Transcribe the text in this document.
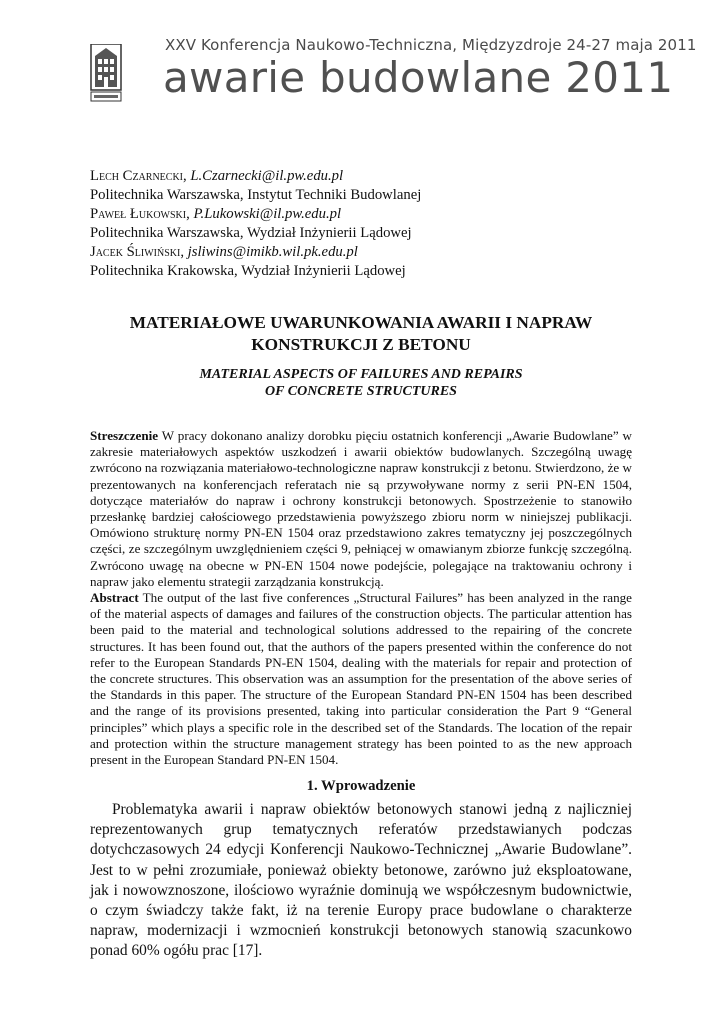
XXV Konferencja Naukowo-Techniczna, Międzyzdroje 24-27 maja 2011
awarie budowlane 2011
Lech Czarnecki, L.Czarnecki@il.pw.edu.pl
Politechnika Warszawska, Instytut Techniki Budowlanej
Paweł Łukowski, P.Lukowski@il.pw.edu.pl
Politechnika Warszawska, Wydział Inżynierii Lądowej
Jacek Śliwiński, jsliwins@imikb.wil.pk.edu.pl
Politechnika Krakowska, Wydział Inżynierii Lądowej
MATERIAŁOWE UWARUNKOWANIA AWARII I NAPRAW
KONSTRUKCJI Z BETONU
MATERIAL ASPECTS OF FAILURES AND REPAIRS
OF CONCRETE STRUCTURES

Streszczenie W pracy dokonano analizy dorobku pięciu ostatnich konferencji „Awarie Budowlane” w zakresie materiałowych aspektów uszkodzeń i awarii obiektów budowlanych. Szczególną uwagę zwrócono na rozwiązania materiałowo-technologiczne napraw konstrukcji z betonu. Stwierdzono, że w prezentowanych na konferencjach referatach nie są przywoływane normy z serii PN-EN 1504, dotyczące materiałów do napraw i ochrony konstrukcji betonowych. Spostrzeżenie to stanowiło przesłankę bardziej całościowego przedstawienia powyższego zbioru norm w niniejszej publikacji. Omówiono strukturę normy PN-EN 1504 oraz przedstawiono zakres tematyczny jej poszczególnych części, ze szczególnym uwzględnieniem części 9, pełniącej w omawianym zbiorze funkcję szczególną. Zwrócono uwagę na obecne w PN-EN 1504 nowe podejście, polegające na traktowaniu ochrony i napraw jako elementu strategii zarządzania konstrukcją.

Abstract The output of the last five conferences „Structural Failures” has been analyzed in the range of the material aspects of damages and failures of the construction objects. The particular attention has been paid to the material and technological solutions addressed to the repairing of the concrete structures. It has been found out, that the authors of the papers presented within the conference do not refer to the European Standards PN-EN 1504, dealing with the materials for repair and protection of the concrete structures. This observation was an assumption for the presentation of the above series of the Standards in this paper. The structure of the European Standard PN-EN 1504 has been described and the range of its provisions presented, taking into particular consideration the Part 9 “General principles” which plays a specific role in the described set of the Standards. The location of the repair and protection within the structure management strategy has been pointed to as the new approach present in the European Standard PN-EN 1504.

1. Wprowadzenie

Problematyka awarii i napraw obiektów betonowych stanowi jedną z najliczniej reprezentowanych grup tematycznych referatów przedstawianych podczas dotychczasowych 24 edycji Konferencji Naukowo-Technicznej „Awarie Budowlane”. Jest to w pełni zrozumiałe, ponieważ obiekty betonowe, zarówno już eksploatowane, jak i nowowznoszone, ilościowo wyraźnie dominują we współczesnym budownictwie, o czym świadczy także fakt, iż na terenie Europy prace budowlane o charakterze napraw, modernizacji i wzmocnień konstrukcji betonowych stanowią szacunkowo ponad 60% ogółu prac [17].
